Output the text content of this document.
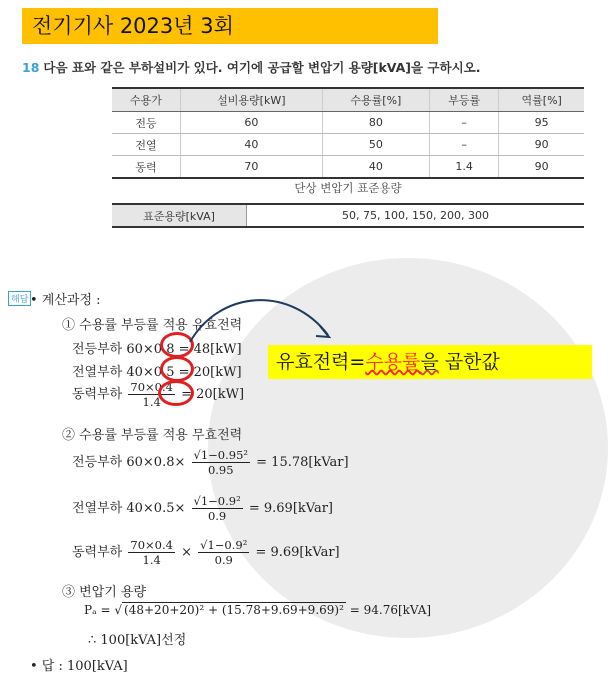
전기기사 2023년 3회
18 다음 표와 같은 부하설비가 있다. 여기에 공급할 변압기 용량[kVA]을 구하시오.
수용가	설비용량[kW]	수용률[%]	부등률	역률[%]
전등	60	80	–	95
전열	40	50	–	90
동력	70	40	1.4	90
단상 변압기 표준용량
표준용량[kVA]	50, 75, 100, 150, 200, 300
해답 • 계산과정 :
① 수용률 부등률 적용 유효전력
전등부하 60×0.8 = 48[kW]
전열부하 40×0.5 = 20[kW]
동력부하 $\frac{70\times 0.4}{1.4} = 20[kW]$
유효전력=수용률을 곱한값
② 수용률 부등률 적용 무효전력
전등부하 $60\times 0.8\times \frac{\text{√1−0.95²}}{0.95}$ = 15.78[kVar]
전열부하 $40\times 0.5\times \frac{\text{√1−0.9²}}{0.9}$ = 9.69[kVar]
동력부하 $\frac{70\times 0.4}{1.4} \times \frac{\text{√1−0.9²}}{0.9}$ = 9.69[kVar]
③ 변압기 용량
Pₐ = √ (48+20+20)² + (15.78+9.69+9.69)² = 94.76[kVA]
∴ 100[kVA]선정
• 답 : 100[kVA]
